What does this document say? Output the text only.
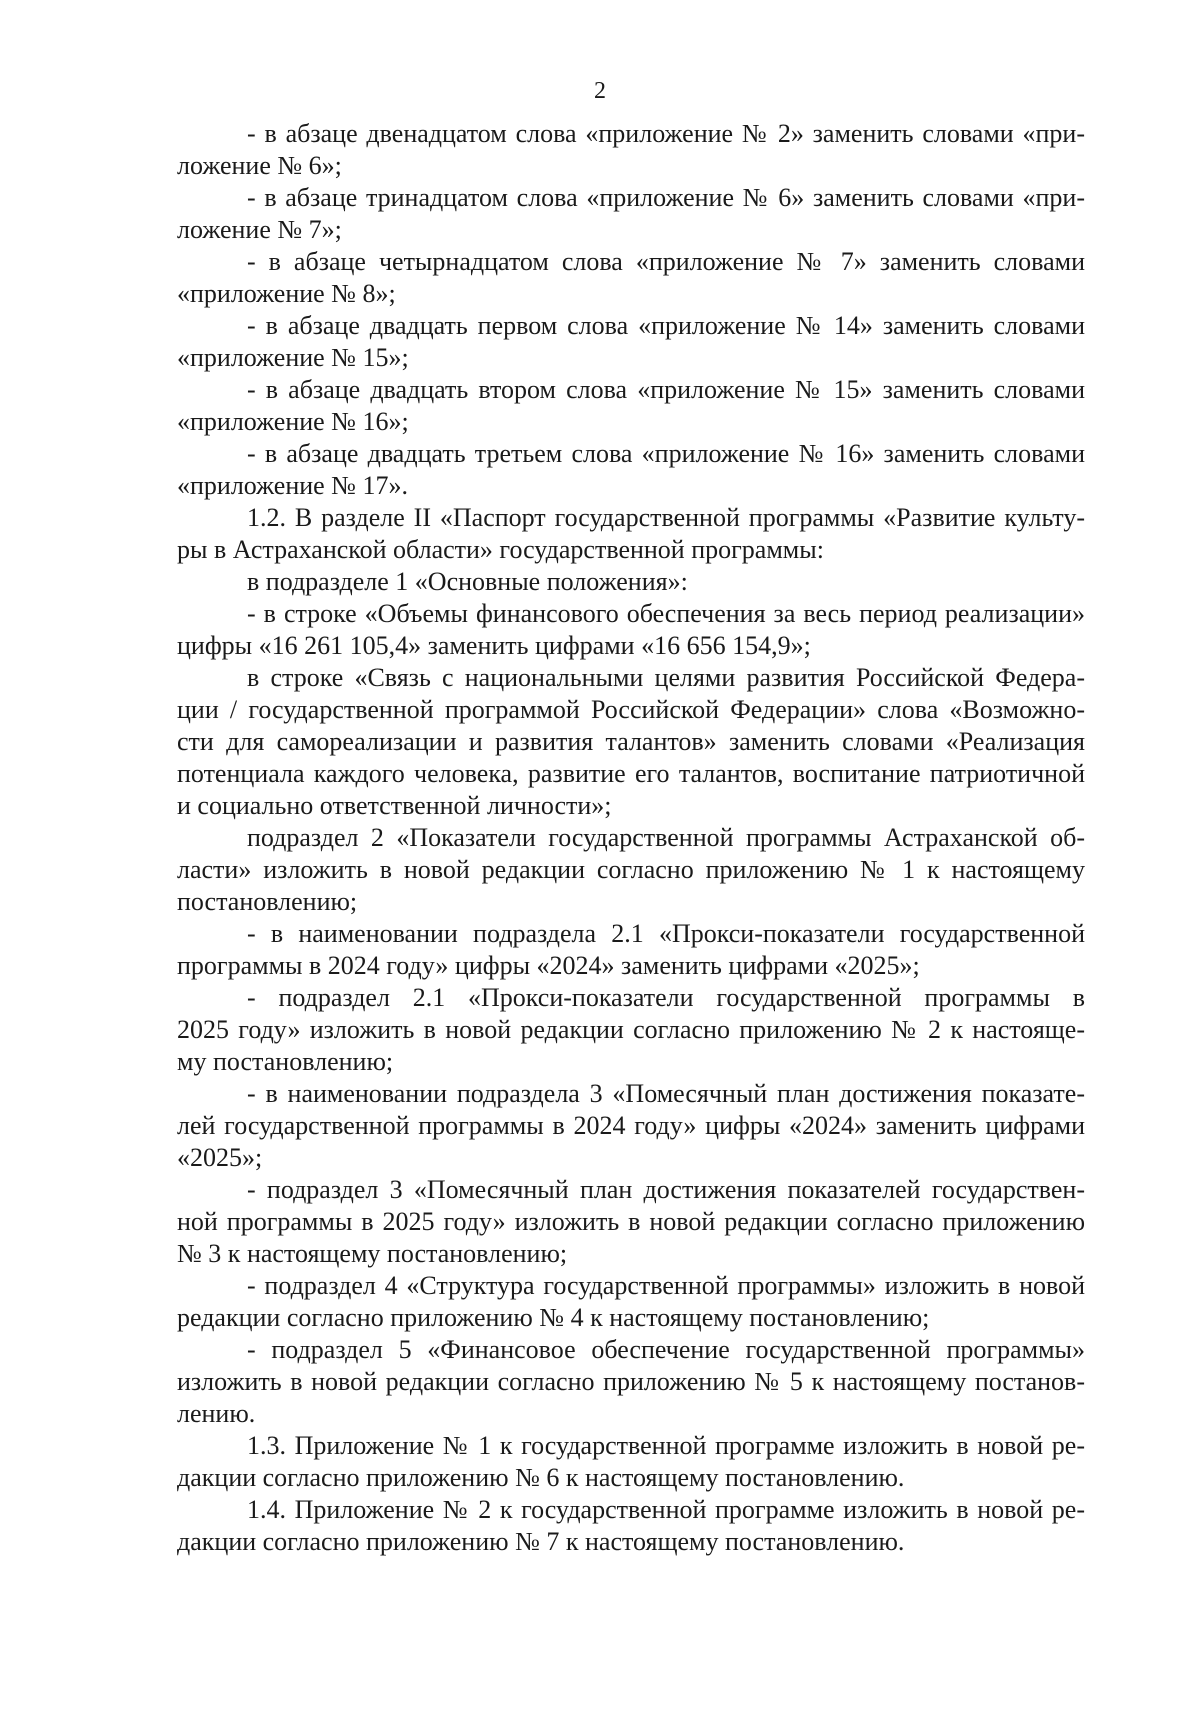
2
- в абзаце двенадцатом слова «приложение № 2» заменить словами «при-
ложение № 6»;
- в абзаце тринадцатом слова «приложение № 6» заменить словами «при-
ложение № 7»;
- в абзаце четырнадцатом слова «приложение № 7» заменить словами
«приложение № 8»;
- в абзаце двадцать первом слова «приложение № 14» заменить словами
«приложение № 15»;
- в абзаце двадцать втором слова «приложение № 15» заменить словами
«приложение № 16»;
- в абзаце двадцать третьем слова «приложение № 16» заменить словами
«приложение № 17».
1.2. В разделе II «Паспорт государственной программы «Развитие культу-
ры в Астраханской области» государственной программы:
в подразделе 1 «Основные положения»:
- в строке «Объемы финансового обеспечения за весь период реализации»
цифры «16 261 105,4» заменить цифрами «16 656 154,9»;
в строке «Связь с национальными целями развития Российской Федера-
ции / государственной программой Российской Федерации» слова «Возможно-
сти для самореализации и развития талантов» заменить словами «Реализация
потенциала каждого человека, развитие его талантов, воспитание патриотичной
и социально ответственной личности»;
подраздел 2 «Показатели государственной программы Астраханской об-
ласти» изложить в новой редакции согласно приложению № 1 к настоящему
постановлению;
- в наименовании подраздела 2.1 «Прокси-показатели государственной
программы в 2024 году» цифры «2024» заменить цифрами «2025»;
- подраздел 2.1 «Прокси-показатели государственной программы в
2025 году» изложить в новой редакции согласно приложению № 2 к настояще-
му постановлению;
- в наименовании подраздела 3 «Помесячный план достижения показате-
лей государственной программы в 2024 году» цифры «2024» заменить цифрами
«2025»;
- подраздел 3 «Помесячный план достижения показателей государствен-
ной программы в 2025 году» изложить в новой редакции согласно приложению
№ 3 к настоящему постановлению;
- подраздел 4 «Структура государственной программы» изложить в новой
редакции согласно приложению № 4 к настоящему постановлению;
- подраздел 5 «Финансовое обеспечение государственной программы»
изложить в новой редакции согласно приложению № 5 к настоящему постанов-
лению.
1.3. Приложение № 1 к государственной программе изложить в новой ре-
дакции согласно приложению № 6 к настоящему постановлению.
1.4. Приложение № 2 к государственной программе изложить в новой ре-
дакции согласно приложению № 7 к настоящему постановлению.
